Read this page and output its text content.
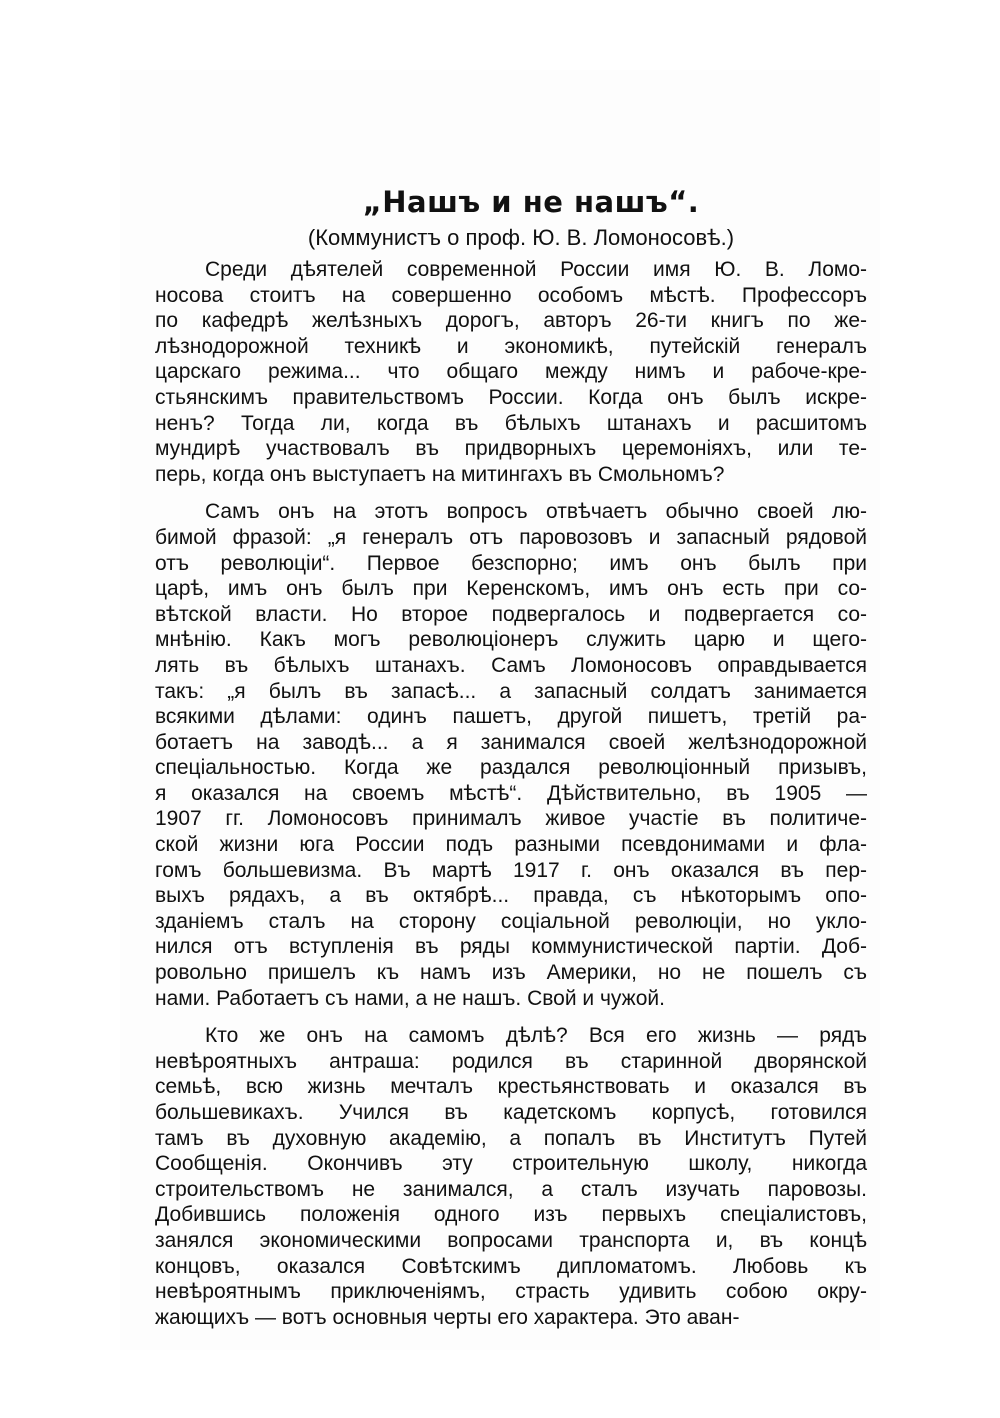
„Нашъ и не нашъ“.
(Коммунистъ о проф. Ю. В. Ломоносовѣ.)
Среди дѣятелей современной России имя Ю. В. Ломо-
носова стоитъ на совершенно особомъ мѣстѣ. Профессоръ
по кафедрѣ желѣзныхъ дорогъ, авторъ 26-ти книгъ по же-
лѣзнодорожной техникѣ и экономикѣ, путейскій генералъ
царскаго режима... что общаго между нимъ и рабоче-кре-
стьянскимъ правительствомъ России. Когда онъ былъ искре-
ненъ? Тогда ли, когда въ бѣлыхъ штанахъ и расшитомъ
мундирѣ участвовалъ въ придворныхъ церемоніяхъ, или те-
перь, когда онъ выступаетъ на митингахъ въ Смольномъ?
Самъ онъ на этотъ вопросъ отвѣчаетъ обычно своей лю-
бимой фразой: „я генералъ отъ паровозовъ и запасный рядовой
отъ революціи“. Первое безспорно; имъ онъ былъ при
царѣ, имъ онъ былъ при Керенскомъ, имъ онъ есть при со-
вѣтской власти. Но второе подвергалось и подвергается со-
мнѣнію. Какъ могъ революціонеръ служить царю и щего-
лять въ бѣлыхъ штанахъ. Самъ Ломоносовъ оправдывается
такъ: „я былъ въ запасѣ... а запасный солдатъ занимается
всякими дѣлами: одинъ пашетъ, другой пишетъ, третій ра-
ботаетъ на заводѣ... а я занимался своей желѣзнодорожной
спеціальностью. Когда же раздался революціонный призывъ,
я оказался на своемъ мѣстѣ“. Дѣйствительно, въ 1905 —
1907 гг. Ломоносовъ принималъ живое участіе въ политиче-
ской жизни юга России подъ разными псевдонимами и фла-
гомъ большевизма. Въ мартѣ 1917 г. онъ оказался въ пер-
выхъ рядахъ, а въ октябрѣ... правда, съ нѣкоторымъ опо-
зданіемъ сталъ на сторону соціальной революціи, но укло-
нился отъ вступленія въ ряды коммунистической партіи. Доб-
ровольно пришелъ къ намъ изъ Америки, но не пошелъ съ
нами. Работаетъ съ нами, а не нашъ. Свой и чужой.
Кто же онъ на самомъ дѣлѣ? Вся его жизнь — рядъ
невѣроятныхъ антраша: родился въ старинной дворянской
семьѣ, всю жизнь мечталъ крестьянствовать и оказался въ
большевикахъ. Учился въ кадетскомъ корпусѣ, готовился
тамъ въ духовную академію, а попалъ въ Институтъ Путей
Сообщенія. Окончивъ эту строительную школу, никогда
строительствомъ не занимался, а сталъ изучать паровозы.
Добившись положенія одного изъ первыхъ спеціалистовъ,
занялся экономическими вопросами транспорта и, въ концѣ
концовъ, оказался Совѣтскимъ дипломатомъ. Любовь къ
невѣроятнымъ приключеніямъ, страсть удивить собою окру-
жающихъ — вотъ основныя черты его характера. Это аван-
